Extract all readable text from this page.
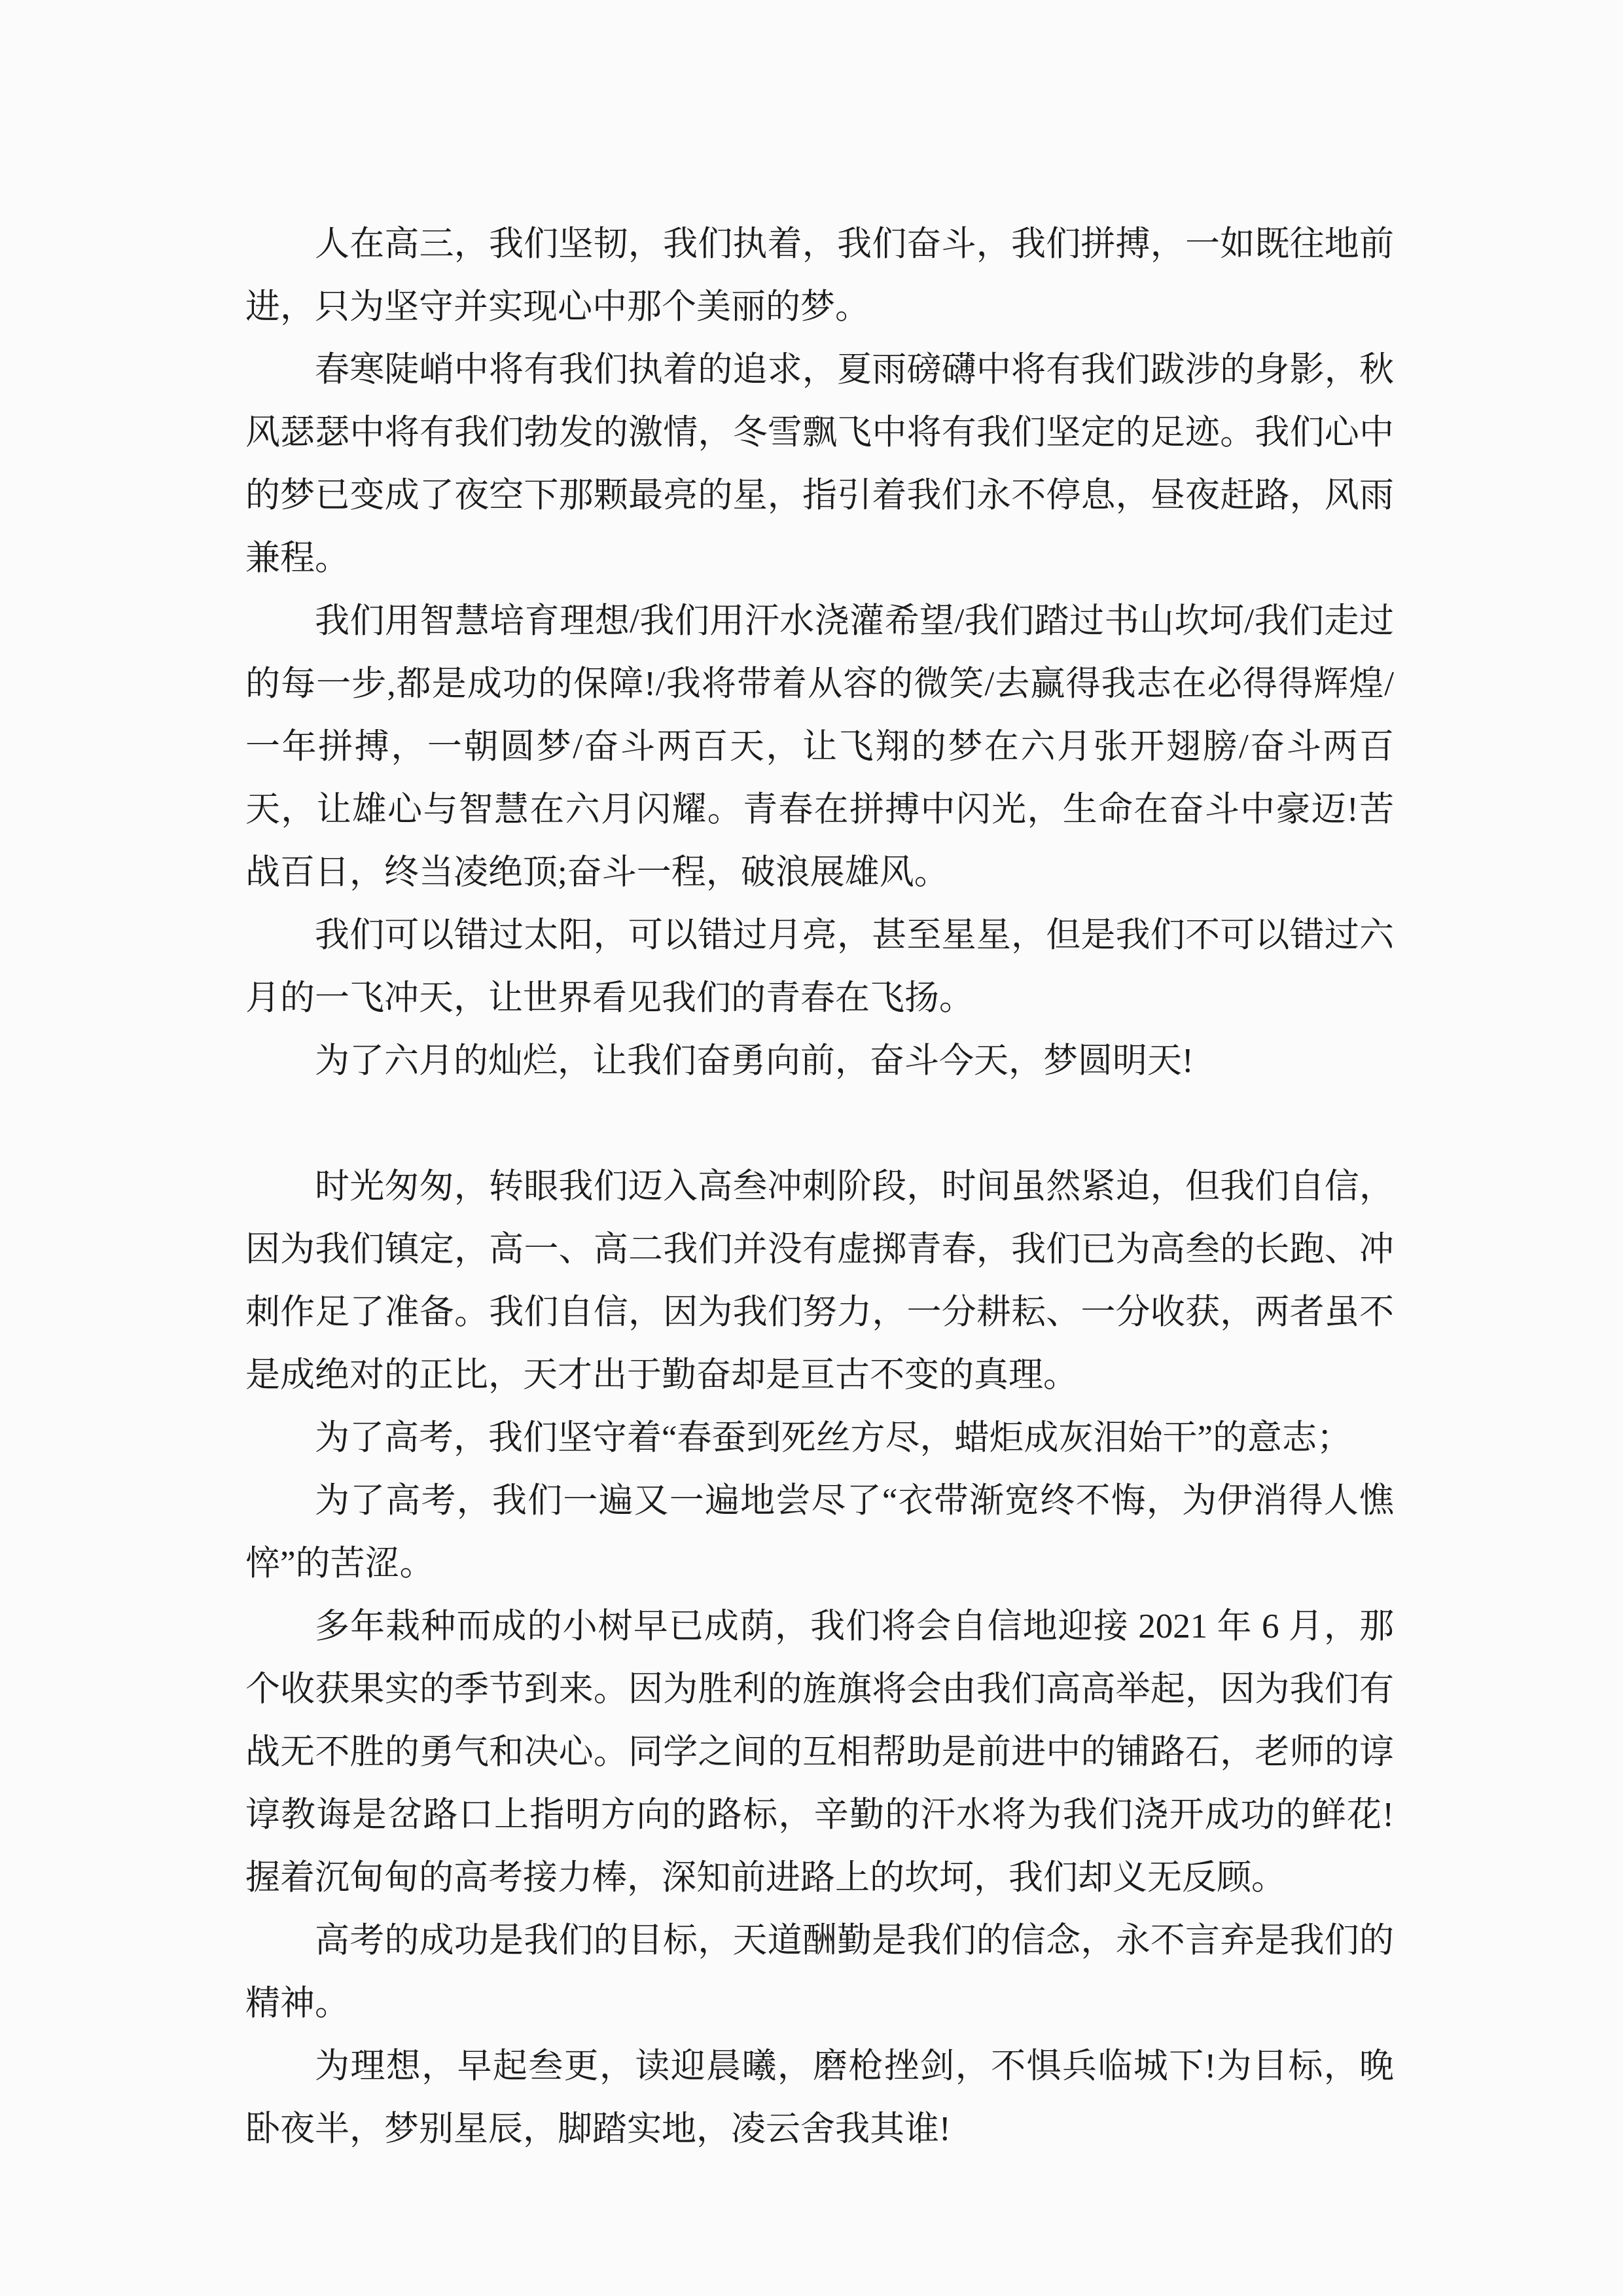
人在高三，我们坚韧，我们执着，我们奋斗，我们拼搏，一如既往地前进，只为坚守并实现心中那个美丽的梦。

春寒陡峭中将有我们执着的追求，夏雨磅礴中将有我们跋涉的身影，秋风瑟瑟中将有我们勃发的激情，冬雪飘飞中将有我们坚定的足迹。我们心中的梦已变成了夜空下那颗最亮的星，指引着我们永不停息，昼夜赶路，风雨兼程。

我们用智慧培育理想/我们用汗水浇灌希望/我们踏过书山坎坷/我们走过的每一步,都是成功的保障!/我将带着从容的微笑/去赢得我志在必得得辉煌/一年拼搏，一朝圆梦/奋斗两百天，让飞翔的梦在六月张开翅膀/奋斗两百天，让雄心与智慧在六月闪耀。青春在拼搏中闪光，生命在奋斗中豪迈!苦战百日，终当凌绝顶;奋斗一程，破浪展雄风。

我们可以错过太阳，可以错过月亮，甚至星星，但是我们不可以错过六月的一飞冲天，让世界看见我们的青春在飞扬。

为了六月的灿烂，让我们奋勇向前，奋斗今天，梦圆明天!

时光匆匆，转眼我们迈入高叁冲刺阶段，时间虽然紧迫，但我们自信，因为我们镇定，高一、高二我们并没有虚掷青春，我们已为高叁的长跑、冲刺作足了准备。我们自信，因为我们努力，一分耕耘、一分收获，两者虽不是成绝对的正比，天才出于勤奋却是亘古不变的真理。

为了高考，我们坚守着“春蚕到死丝方尽，蜡炬成灰泪始干”的意志；

为了高考，我们一遍又一遍地尝尽了“衣带渐宽终不悔，为伊消得人憔悴”的苦涩。

多年栽种而成的小树早已成荫，我们将会自信地迎接 2021 年 6 月，那个收获果实的季节到来。因为胜利的旌旗将会由我们高高举起，因为我们有战无不胜的勇气和决心。同学之间的互相帮助是前进中的铺路石，老师的谆谆教诲是岔路口上指明方向的路标，辛勤的汗水将为我们浇开成功的鲜花!握着沉甸甸的高考接力棒，深知前进路上的坎坷，我们却义无反顾。

高考的成功是我们的目标，天道酬勤是我们的信念，永不言弃是我们的精神。

为理想，早起叁更，读迎晨曦，磨枪挫剑，不惧兵临城下!为目标，晚卧夜半，梦别星辰，脚踏实地，凌云舍我其谁!
